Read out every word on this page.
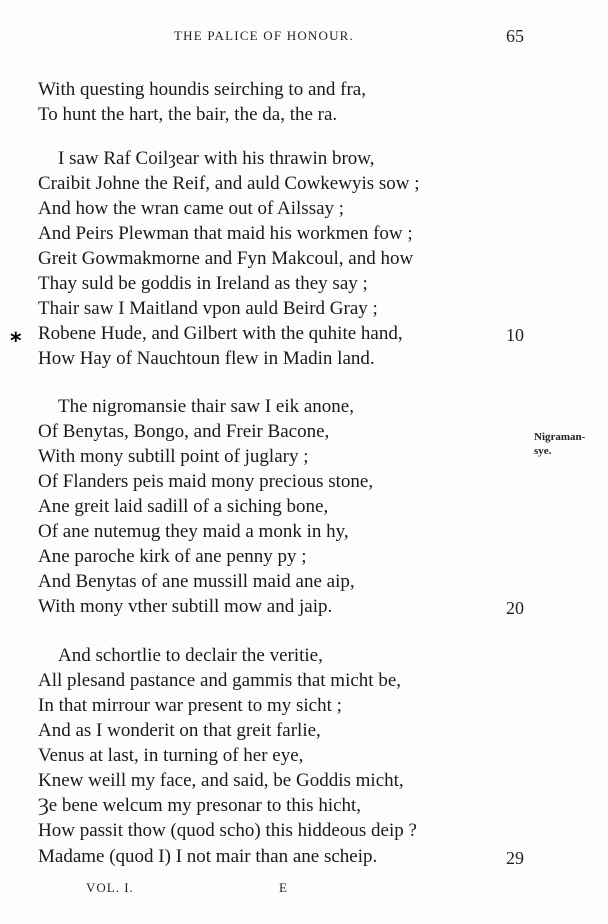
THE PALICE OF HONOUR.	65
With questing houndis seirching to and fra,
To hunt the hart, the bair, the da, the ra.
I saw Raf Coilȝear with his thrawin brow,
Craibit Johne the Reif, and auld Cowkewyis sow ;
And how the wran came out of Ailssay ;
And Peirs Plewman that maid his workmen fow ;
Greit Gowmakmorne and Fyn Makcoul, and how
Thay suld be goddis in Ireland as they say ;
Thair saw I Maitland vpon auld Beird Gray ;
* Robene Hude, and Gilbert with the quhite hand,	10
How Hay of Nauchtoun flew in Madin land.
The nigromansie thair saw I eik anone,
Of Benytas, Bongo, and Freir Bacone,	Nigraman-
sye.
With mony subtill point of juglary ;
Of Flanders peis maid mony precious stone,
Ane greit laid sadill of a siching bone,
Of ane nutemug they maid a monk in hy,
Ane paroche kirk of ane penny py ;
And Benytas of ane mussill maid ane aip,
With mony vther subtill mow and jaip.	20
And schortlie to declair the veritie,
All plesand pastance and gammis that micht be,
In that mirrour war present to my sicht ;
And as I wonderit on that greit farlie,
Venus at last, in turning of her eye,
Knew weill my face, and said, be Goddis micht,
Ȝe bene welcum my presonar to this hicht,
How passit thow (quod scho) this hiddeous deip ?
Madame (quod I) I not mair than ane scheip.	29
VOL. I.	E
